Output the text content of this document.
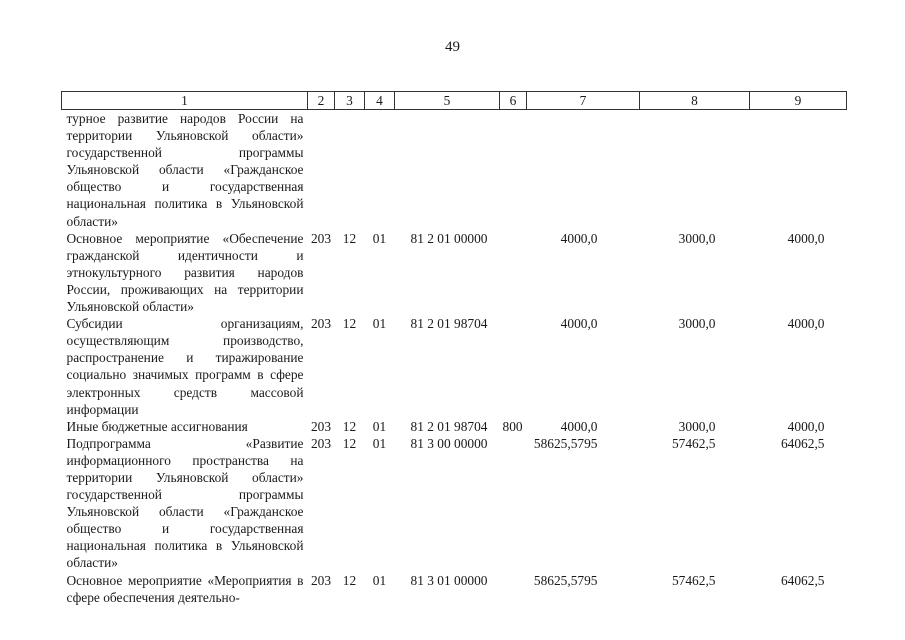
49
1	2	3	4	5	6	7	8	9
турное развитие народов России на территории Ульяновской области» государственной программы Ульяновской области «Гражданское общество и государственная национальная политика в Ульяновской области»								
Основное мероприятие «Обеспечение гражданской идентичности и этнокультурного развития народов России, проживающих на территории Ульяновской области»	203	12	01	81 2 01 00000		4000,0	3000,0	4000,0
Субсидии организациям, осуществляющим производство, распространение и тиражирование социально значимых программ в сфере электронных средств массовой информации	203	12	01	81 2 01 98704		4000,0	3000,0	4000,0
Иные бюджетные ассигнования	203	12	01	81 2 01 98704	800	4000,0	3000,0	4000,0
Подпрограмма «Развитие информационного пространства на территории Ульяновской области» государственной программы Ульяновской области «Гражданское общество и государственная национальная политика в Ульяновской области»	203	12	01	81 3 00 00000		58625,5795	57462,5	64062,5
Основное мероприятие «Мероприятия в сфере обеспечения деятельно-	203	12	01	81 3 01 00000		58625,5795	57462,5	64062,5
